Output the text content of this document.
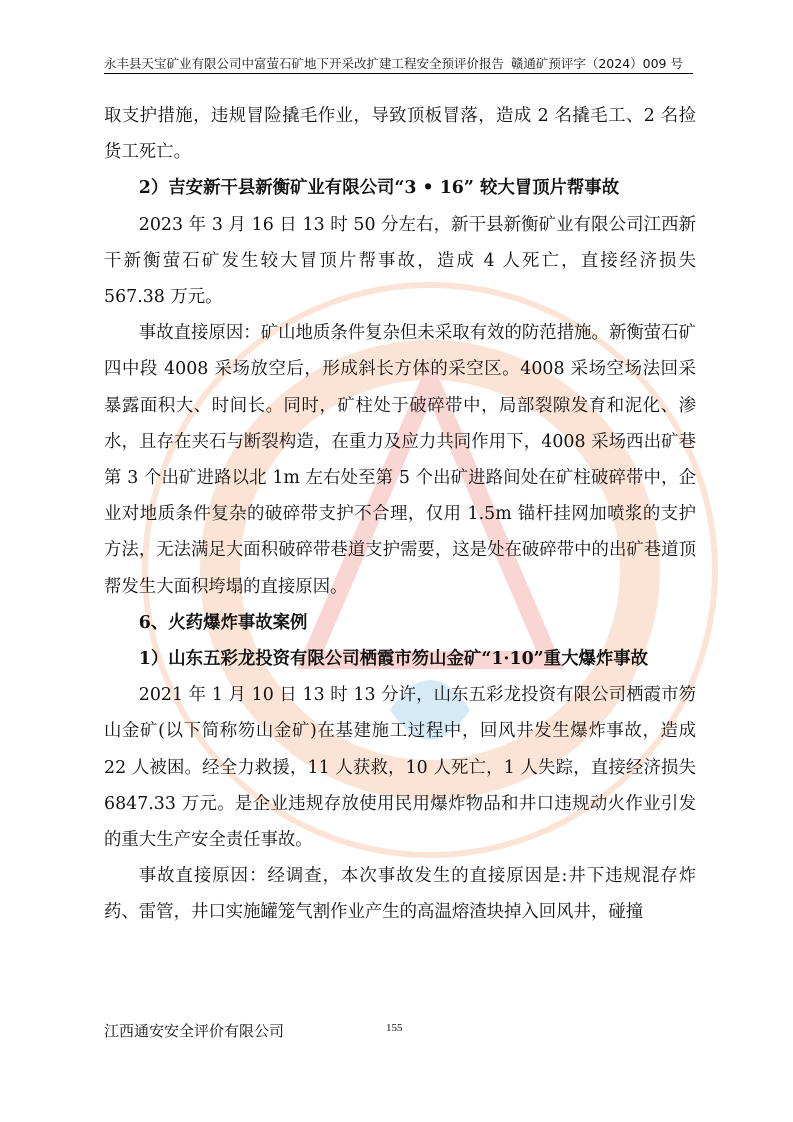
永丰县天宝矿业有限公司中富萤石矿地下开采改扩建工程安全预评价报告 赣通矿预评字（2024）009 号

取支护措施，违规冒险撬毛作业，导致顶板冒落，造成 2 名撬毛工、2 名捡货工死亡。

2）吉安新干县新衡矿业有限公司“3 • 16” 较大冒顶片帮事故

2023 年 3 月 16 日 13 时 50 分左右，新干县新衡矿业有限公司江西新干新衡萤石矿发生较大冒顶片帮事故，造成 4 人死亡，直接经济损失 567.38 万元。

事故直接原因：矿山地质条件复杂但未采取有效的防范措施。新衡萤石矿四中段 4008 采场放空后，形成斜长方体的采空区。4008 采场空场法回采暴露面积大、时间长。同时，矿柱处于破碎带中，局部裂隙发育和泥化、渗水，且存在夹石与断裂构造，在重力及应力共同作用下，4008 采场西出矿巷第 3 个出矿进路以北 1m 左右处至第 5 个出矿进路间处在矿柱破碎带中，企业对地质条件复杂的破碎带支护不合理，仅用 1.5m 锚杆挂网加喷浆的支护方法，无法满足大面积破碎带巷道支护需要，这是处在破碎带中的出矿巷道顶帮发生大面积垮塌的直接原因。

6、火药爆炸事故案例

1）山东五彩龙投资有限公司栖霞市笏山金矿“1·10”重大爆炸事故

2021 年 1 月 10 日 13 时 13 分许，山东五彩龙投资有限公司栖霞市笏山金矿(以下简称笏山金矿)在基建施工过程中，回风井发生爆炸事故，造成 22 人被困。经全力救援，11 人获救，10 人死亡，1 人失踪，直接经济损失 6847.33 万元。是企业违规存放使用民用爆炸物品和井口违规动火作业引发的重大生产安全责任事故。

事故直接原因：经调查，本次事故发生的直接原因是:井下违规混存炸药、雷管，井口实施罐笼气割作业产生的高温熔渣块掉入回风井，碰撞

江西通安安全评价有限公司	155
